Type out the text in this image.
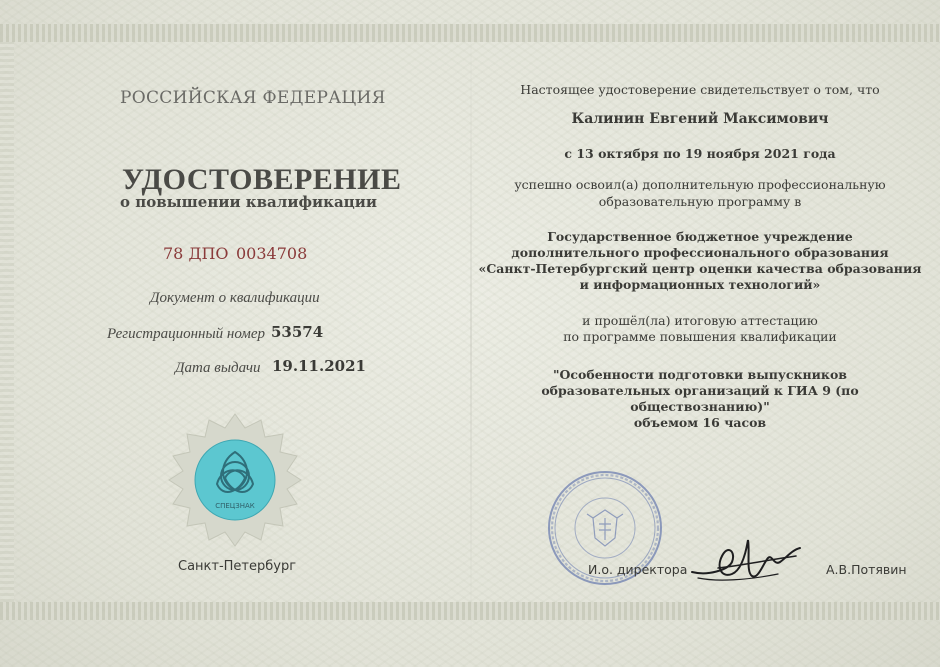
РОССИЙСКАЯ ФЕДЕРАЦИЯ
УДОСТОВЕРЕНИЕ
о повышении квалификации
78 ДПО 0034708
Документ о квалификации
Регистрационный номер 53574
Дата выдачи 19.11.2021
СПЕЦЗНАК
Санкт-Петербург
Настоящее удостоверение свидетельствует о том, что
Калинин Евгений Максимович
с 13 октября по 19 ноября 2021 года
успешно освоил(а) дополнительную профессиональную
образовательную программу в
Государственное бюджетное учреждение
дополнительного профессионального образования
«Санкт-Петербургский центр оценки качества образования
и информационных технологий»
и прошёл(ла) итоговую аттестацию
по программе повышения квалификации
"Особенности подготовки выпускников
образовательных организаций к ГИА 9 (по
обществознанию)"
объемом 16 часов
И.о. директора	А.В.Потявин
